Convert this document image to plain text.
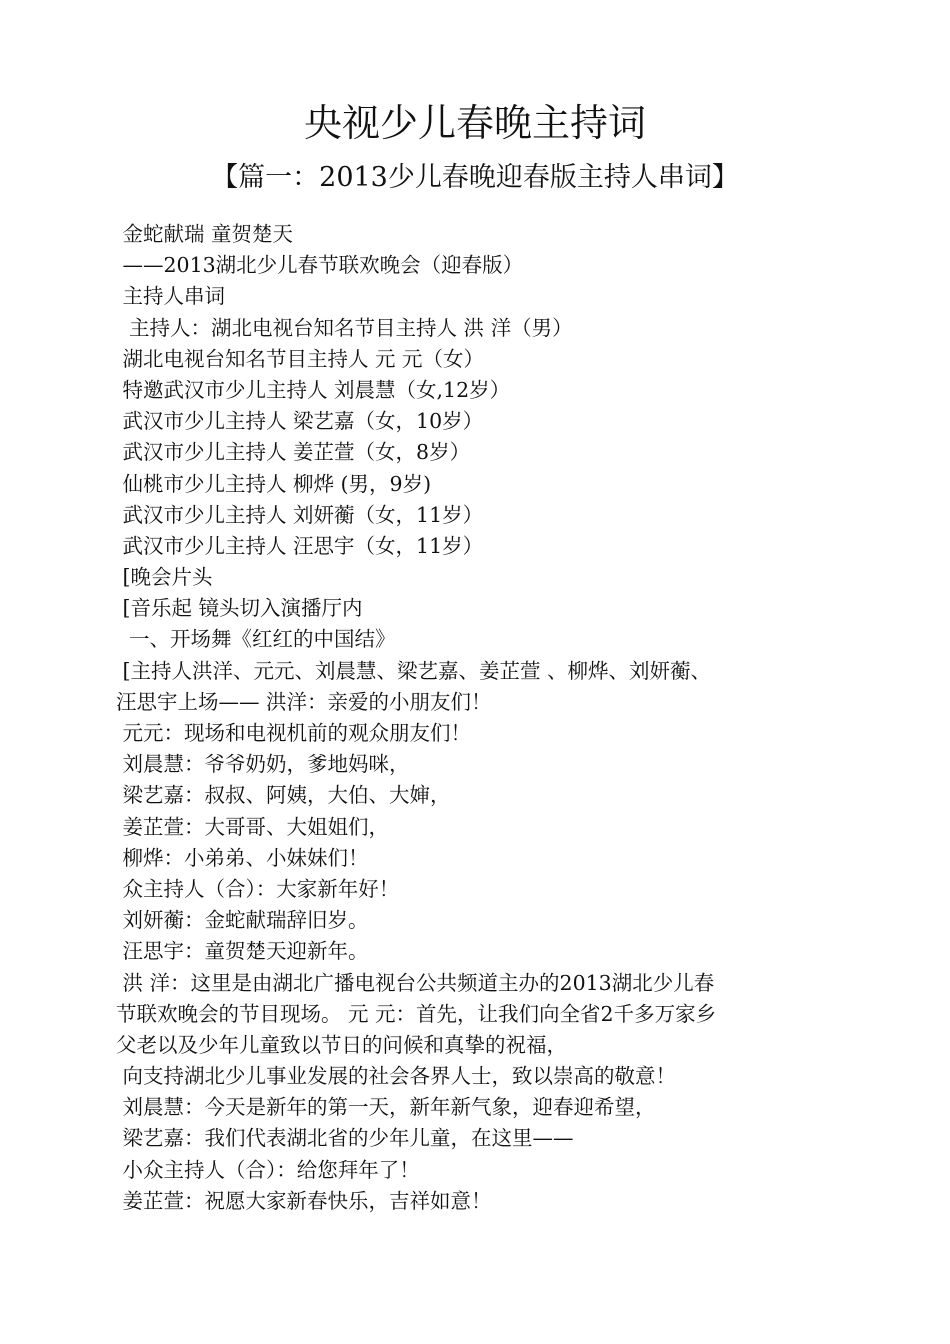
央视少儿春晚主持词
【篇一：2013少儿春晚迎春版主持人串词】
金蛇献瑞 童贺楚天
——2013湖北少儿春节联欢晚会（迎春版）
主持人串词
主持人：湖北电视台知名节目主持人 洪 洋（男）
湖北电视台知名节目主持人 元 元（女）
特邀武汉市少儿主持人 刘晨慧（女,12岁）
武汉市少儿主持人 梁艺嘉（女，10岁）
武汉市少儿主持人 姜芷萱（女，8岁）
仙桃市少儿主持人 柳烨 (男，9岁)
武汉市少儿主持人 刘妍蘅（女，11岁）
武汉市少儿主持人 汪思宇（女，11岁）
[晚会片头
[音乐起 镜头切入演播厅内
一、开场舞《红红的中国结》
[主持人洪洋、元元、刘晨慧、梁艺嘉、姜芷萱 、柳烨、刘妍蘅、
汪思宇上场—— 洪洋：亲爱的小朋友们！
元元：现场和电视机前的观众朋友们！
刘晨慧：爷爷奶奶，爹地妈咪，
梁艺嘉：叔叔、阿姨，大伯、大婶，
姜芷萱：大哥哥、大姐姐们，
柳烨：小弟弟、小妹妹们！
众主持人（合）：大家新年好！
刘妍蘅：金蛇献瑞辞旧岁。
汪思宇：童贺楚天迎新年。
洪 洋：这里是由湖北广播电视台公共频道主办的2013湖北少儿春
节联欢晚会的节目现场。 元 元：首先，让我们向全省2千多万家乡
父老以及少年儿童致以节日的问候和真挚的祝福，
向支持湖北少儿事业发展的社会各界人士，致以崇高的敬意！
刘晨慧：今天是新年的第一天，新年新气象，迎春迎希望，
梁艺嘉：我们代表湖北省的少年儿童，在这里——
小众主持人（合）：给您拜年了！
姜芷萱：祝愿大家新春快乐，吉祥如意！
